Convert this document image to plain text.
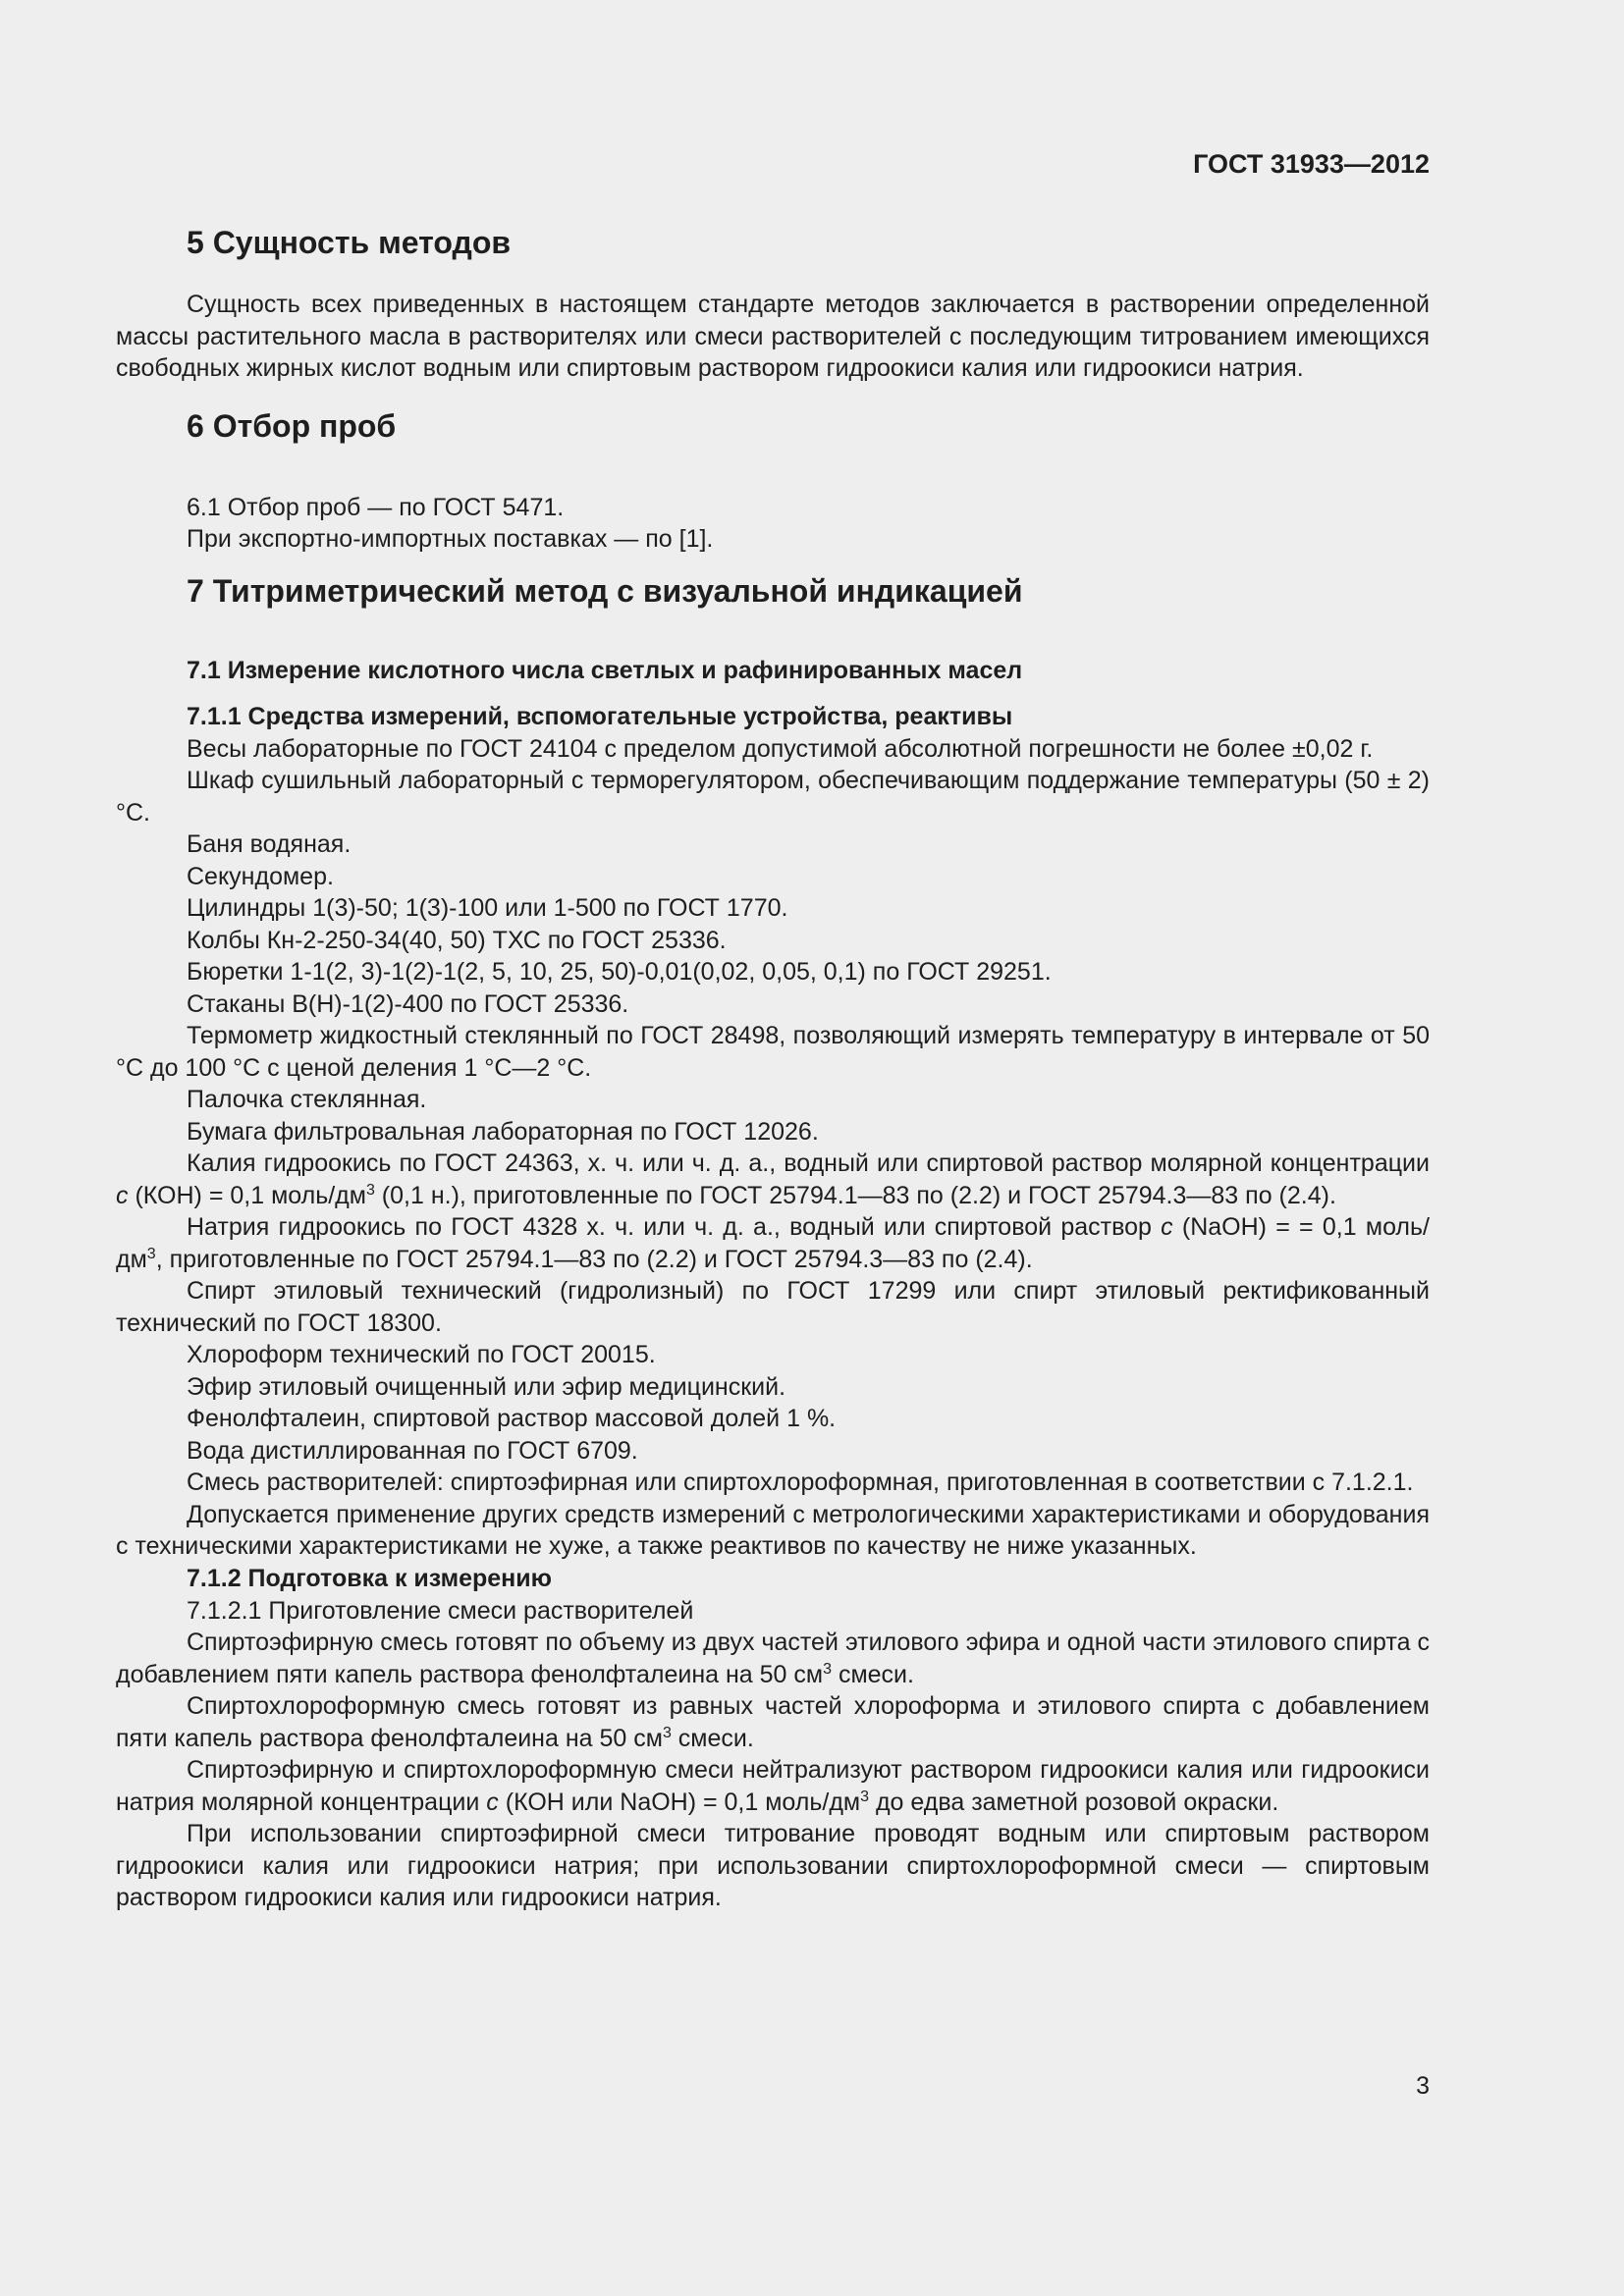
ГОСТ 31933—2012
5 Сущность методов

Сущность всех приведенных в настоящем стандарте методов заключается в растворении определенной массы растительного масла в растворителях или смеси растворителей с последующим титрованием имеющихся свободных жирных кислот водным или спиртовым раствором гидроокиси калия или гидроокиси натрия.

6 Отбор проб

6.1 Отбор проб — по ГОСТ 5471.

При экспортно-импортных поставках — по [1].

7 Титриметрический метод с визуальной индикацией
7.1 Измерение кислотного числа светлых и рафинированных масел
7.1.1 Средства измерений, вспомогательные устройства, реактивы

Весы лабораторные по ГОСТ 24104 с пределом допустимой абсолютной погрешности не более ±0,02 г.

Шкаф сушильный лабораторный с терморегулятором, обеспечивающим поддержание температуры (50 ± 2) °С.

Баня водяная.

Секундомер.

Цилиндры 1(3)-50; 1(3)-100 или 1-500 по ГОСТ 1770.

Колбы Кн-2-250-34(40, 50) ТХС по ГОСТ 25336.

Бюретки 1-1(2, 3)-1(2)-1(2, 5, 10, 25, 50)-0,01(0,02, 0,05, 0,1) по ГОСТ 29251.

Стаканы В(Н)-1(2)-400 по ГОСТ 25336.

Термометр жидкостный стеклянный по ГОСТ 28498, позволяющий измерять температуру в интервале от 50 °С до 100 °С с ценой деления 1 °С—2 °С.

Палочка стеклянная.

Бумага фильтровальная лабораторная по ГОСТ 12026.

Калия гидроокись по ГОСТ 24363, х. ч. или ч. д. а., водный или спиртовой раствор молярной концентрации c (КОН) = 0,1 моль/$дм^3$ (0,1 н.), приготовленные по ГОСТ 25794.1—83 по (2.2) и ГОСТ 25794.3—83 по (2.4).

Натрия гидроокись по ГОСТ 4328 х. ч. или ч. д. а., водный или спиртовой раствор c (NaOH) = = 0,1 моль/$дм^3$, приготовленные по ГОСТ 25794.1—83 по (2.2) и ГОСТ 25794.3—83 по (2.4).

Спирт этиловый технический (гидролизный) по ГОСТ 17299 или спирт этиловый ректификованный технический по ГОСТ 18300.

Хлороформ технический по ГОСТ 20015.

Эфир этиловый очищенный или эфир медицинский.

Фенолфталеин, спиртовой раствор массовой долей 1 %.

Вода дистиллированная по ГОСТ 6709.

Смесь растворителей: спиртоэфирная или спиртохлороформная, приготовленная в соответствии с 7.1.2.1.

Допускается применение других средств измерений с метрологическими характеристиками и оборудования с техническими характеристиками не хуже, а также реактивов по качеству не ниже указанных.

7.1.2 Подготовка к измерению

7.1.2.1 Приготовление смеси растворителей

Спиртоэфирную смесь готовят по объему из двух частей этилового эфира и одной части этилового спирта с добавлением пяти капель раствора фенолфталеина на 50 $см^3$ смеси.

Спиртохлороформную смесь готовят из равных частей хлороформа и этилового спирта с добавлением пяти капель раствора фенолфталеина на 50 $см^3$ смеси.

Спиртоэфирную и спиртохлороформную смеси нейтрализуют раствором гидроокиси калия или гидроокиси натрия молярной концентрации c (КОН или NaOH) = 0,1 моль/$дм^3$ до едва заметной розовой окраски.

При использовании спиртоэфирной смеси титрование проводят водным или спиртовым раствором гидроокиси калия или гидроокиси натрия; при использовании спиртохлороформной смеси — спиртовым раствором гидроокиси калия или гидроокиси натрия.

3
